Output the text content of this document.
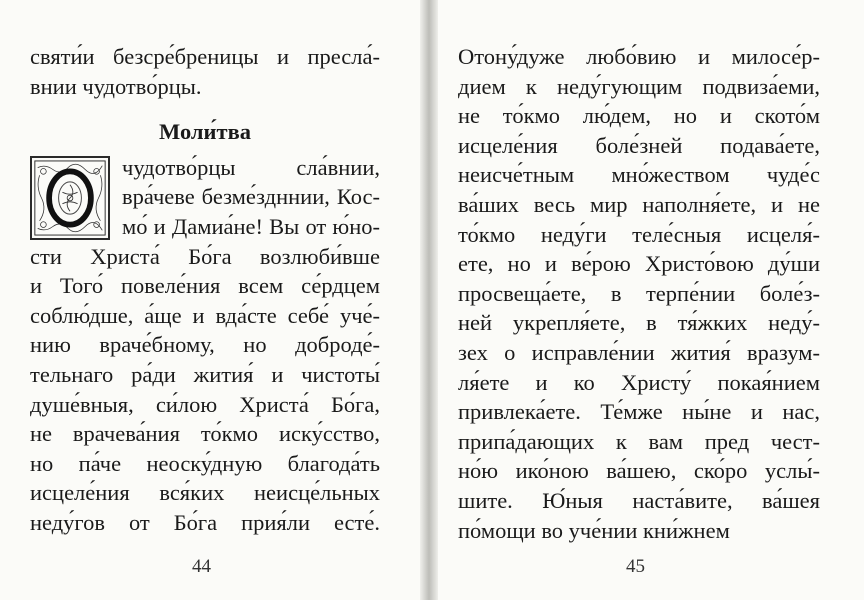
святи́и безсре́бреницы и пресла́-
внии чудотво́рцы.
Моли́тва
чудотво́рцы сла́внии,
вра́чеве безме́здннии, Кос-
мо́ и Дамиа́не! Вы от ю́но-
сти Христа́ Бо́га возлюби́вше
и Того́ повеле́ния всем се́рдцем
соблю́дше, а́ще и вда́сте себе́ уче́-
нию враче́бному, но доброде́-
тельнаго ра́ди жития́ и чистоты́
душе́вныя, си́лою Христа́ Бо́га,
не врачева́ния то́кмо иску́сство,
но па́че неоску́дную благода́ть
исцеле́ния вся́ких неисце́льных
неду́гов от Бо́га прия́ли есте́.
44
Отону́дуже любо́вию и милосе́р-
дием к неду́гующим подвиза́еми,
не то́кмо лю́дем, но и ското́м
исцеле́ния боле́зней подава́ете,
неисче́тным мно́жеством чуде́с
ва́ших весь мир наполня́ете, и не
то́кмо неду́ги теле́сныя исцеля́-
ете, но и ве́рою Христо́вою ду́ши
просвеща́ете, в терпе́нии боле́з-
ней укрепля́ете, в тя́жких неду́-
зех о исправле́нии жития́ вразум-
ля́ете и ко Христу́ покая́нием
привлека́ете. Те́мже ны́не и нас,
припа́дающих к вам пред чест-
но́ю ико́ною ва́шею, ско́ро услы́-
шите. Ю́ныя наста́вите, ва́шея
по́мощи во уче́нии кни́жнем
45
